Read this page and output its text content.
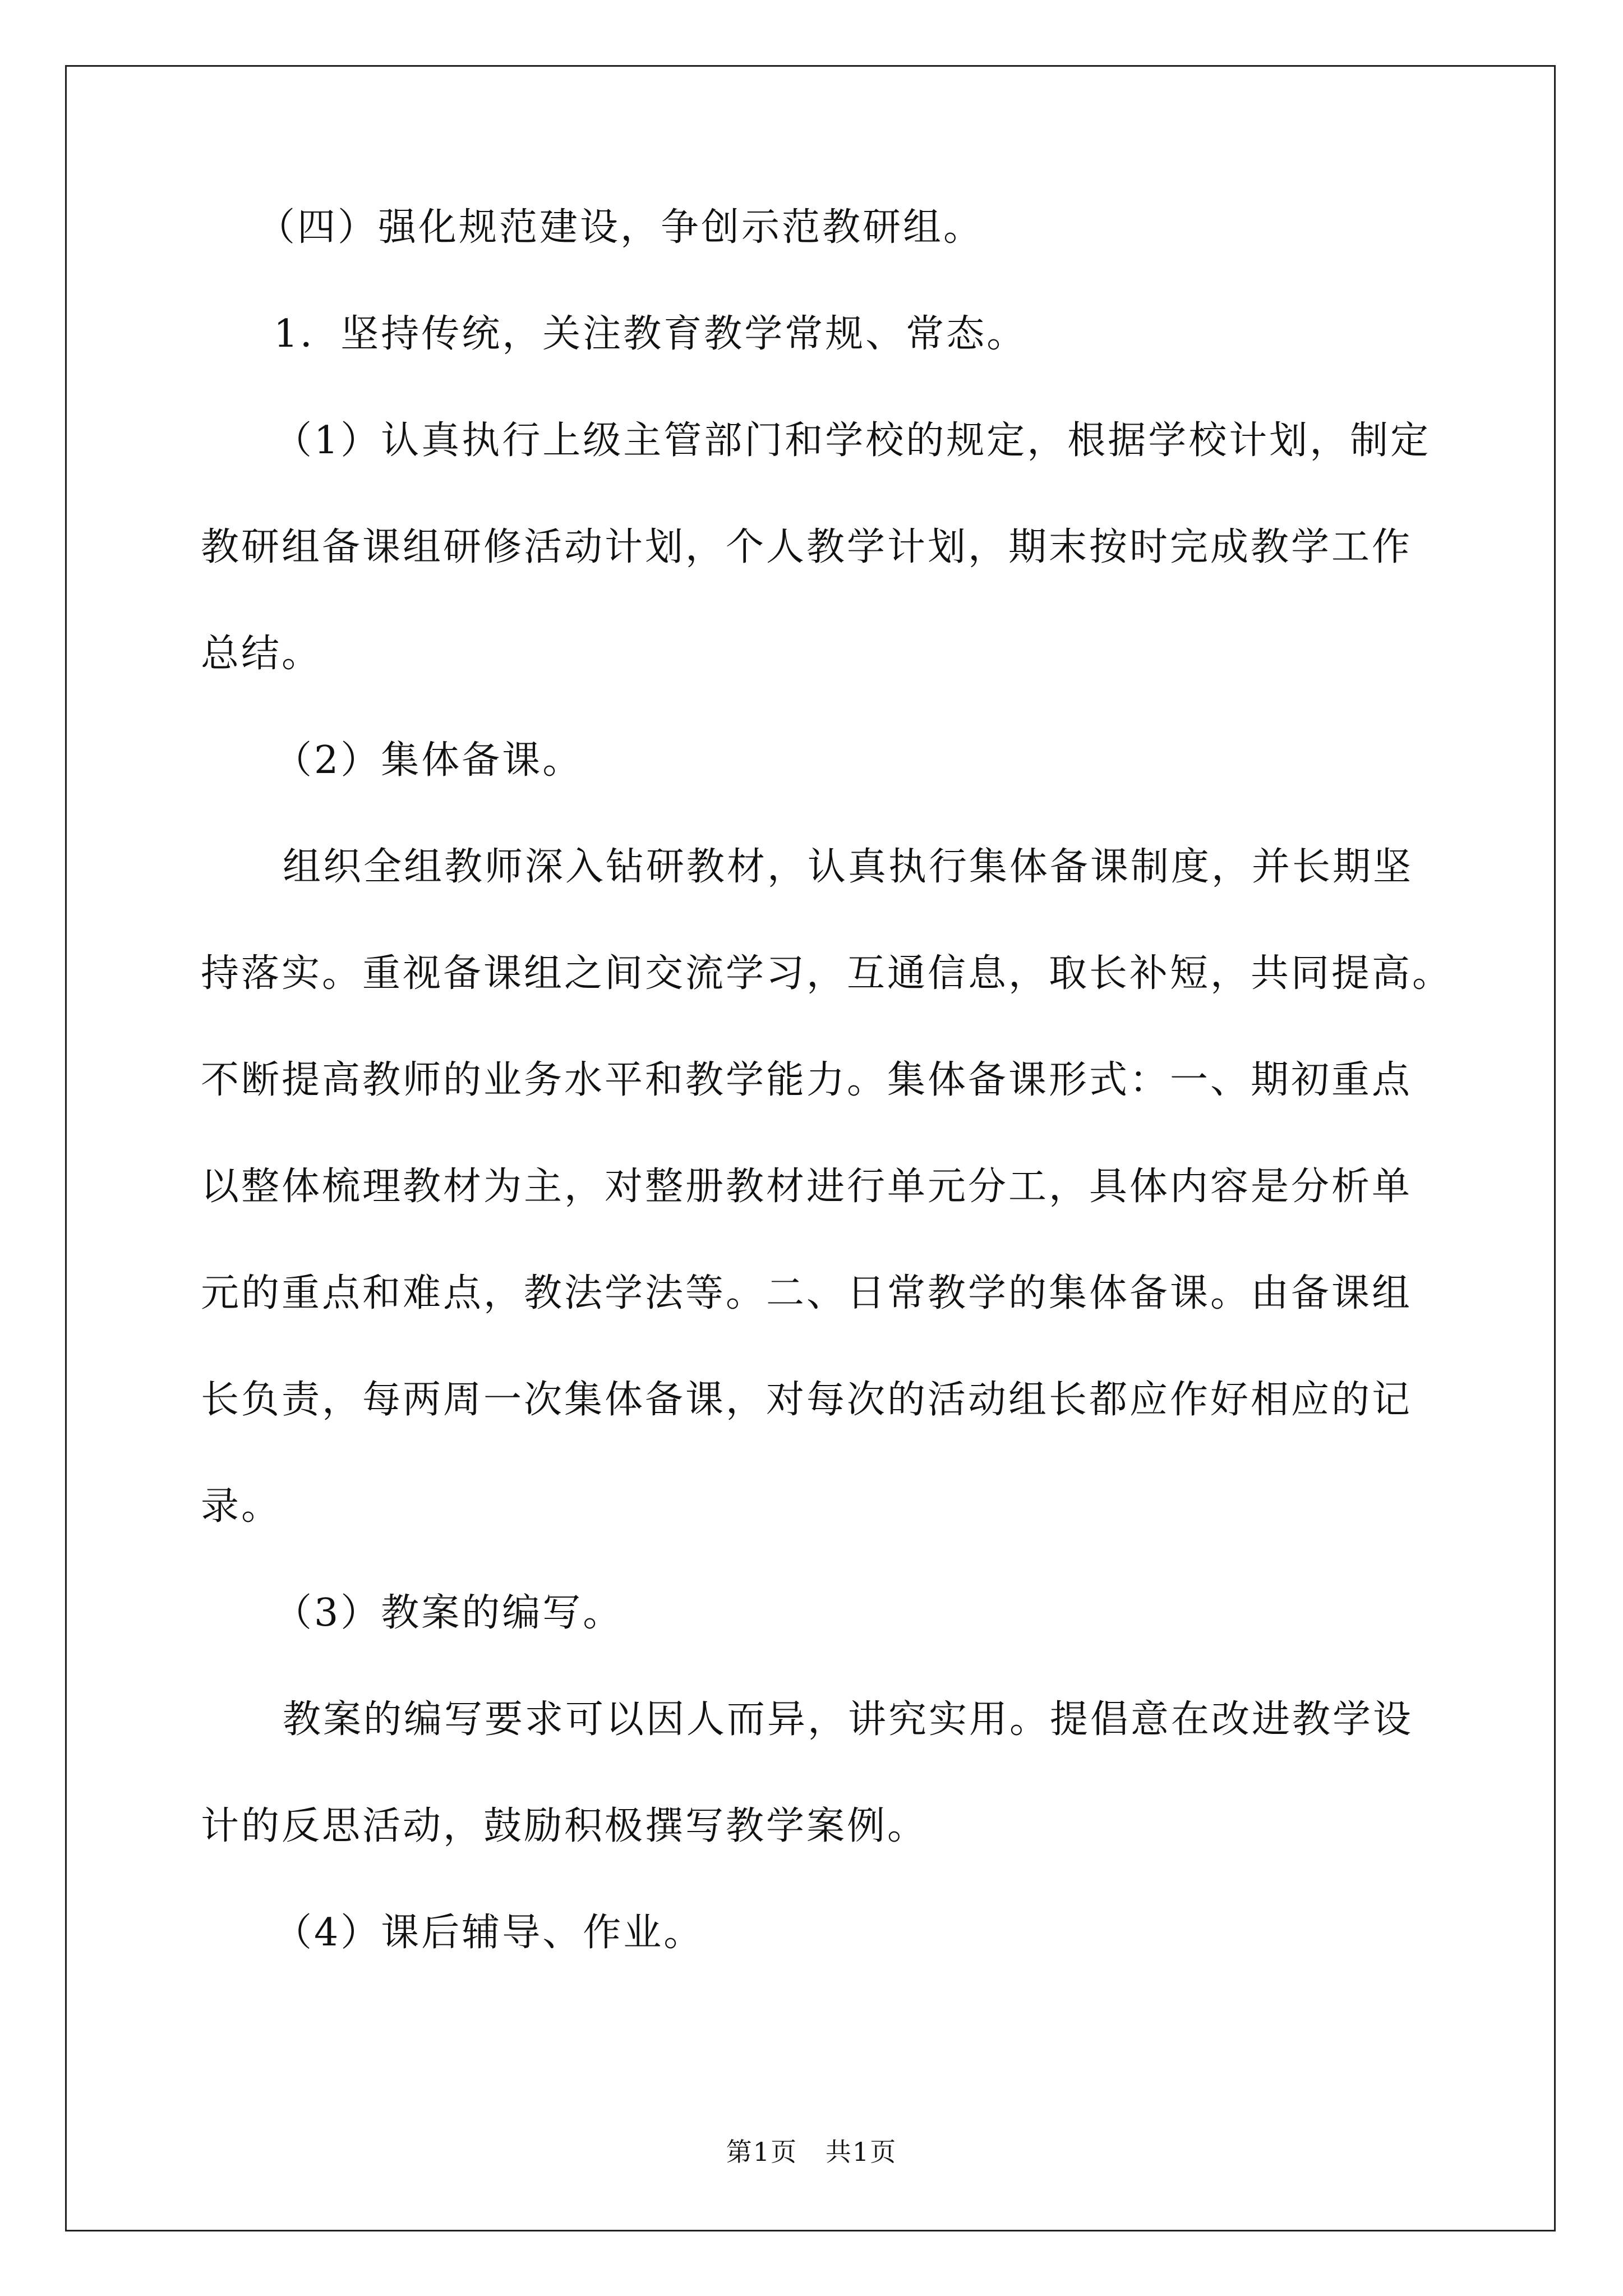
（四）强化规范建设，争创示范教研组。
1．坚持传统，关注教育教学常规、常态。
（1）认真执行上级主管部门和学校的规定，根据学校计划，制定
教研组备课组研修活动计划，个人教学计划，期末按时完成教学工作
总结。
（2）集体备课。
组织全组教师深入钻研教材，认真执行集体备课制度，并长期坚
持落实。重视备课组之间交流学习，互通信息，取长补短，共同提高。
不断提高教师的业务水平和教学能力。集体备课形式：一、期初重点
以整体梳理教材为主，对整册教材进行单元分工，具体内容是分析单
元的重点和难点，教法学法等。二、日常教学的集体备课。由备课组
长负责，每两周一次集体备课，对每次的活动组长都应作好相应的记
录。
（3）教案的编写。
教案的编写要求可以因人而异，讲究实用。提倡意在改进教学设
计的反思活动，鼓励积极撰写教学案例。
（4）课后辅导、作业。
第1页   共1页
